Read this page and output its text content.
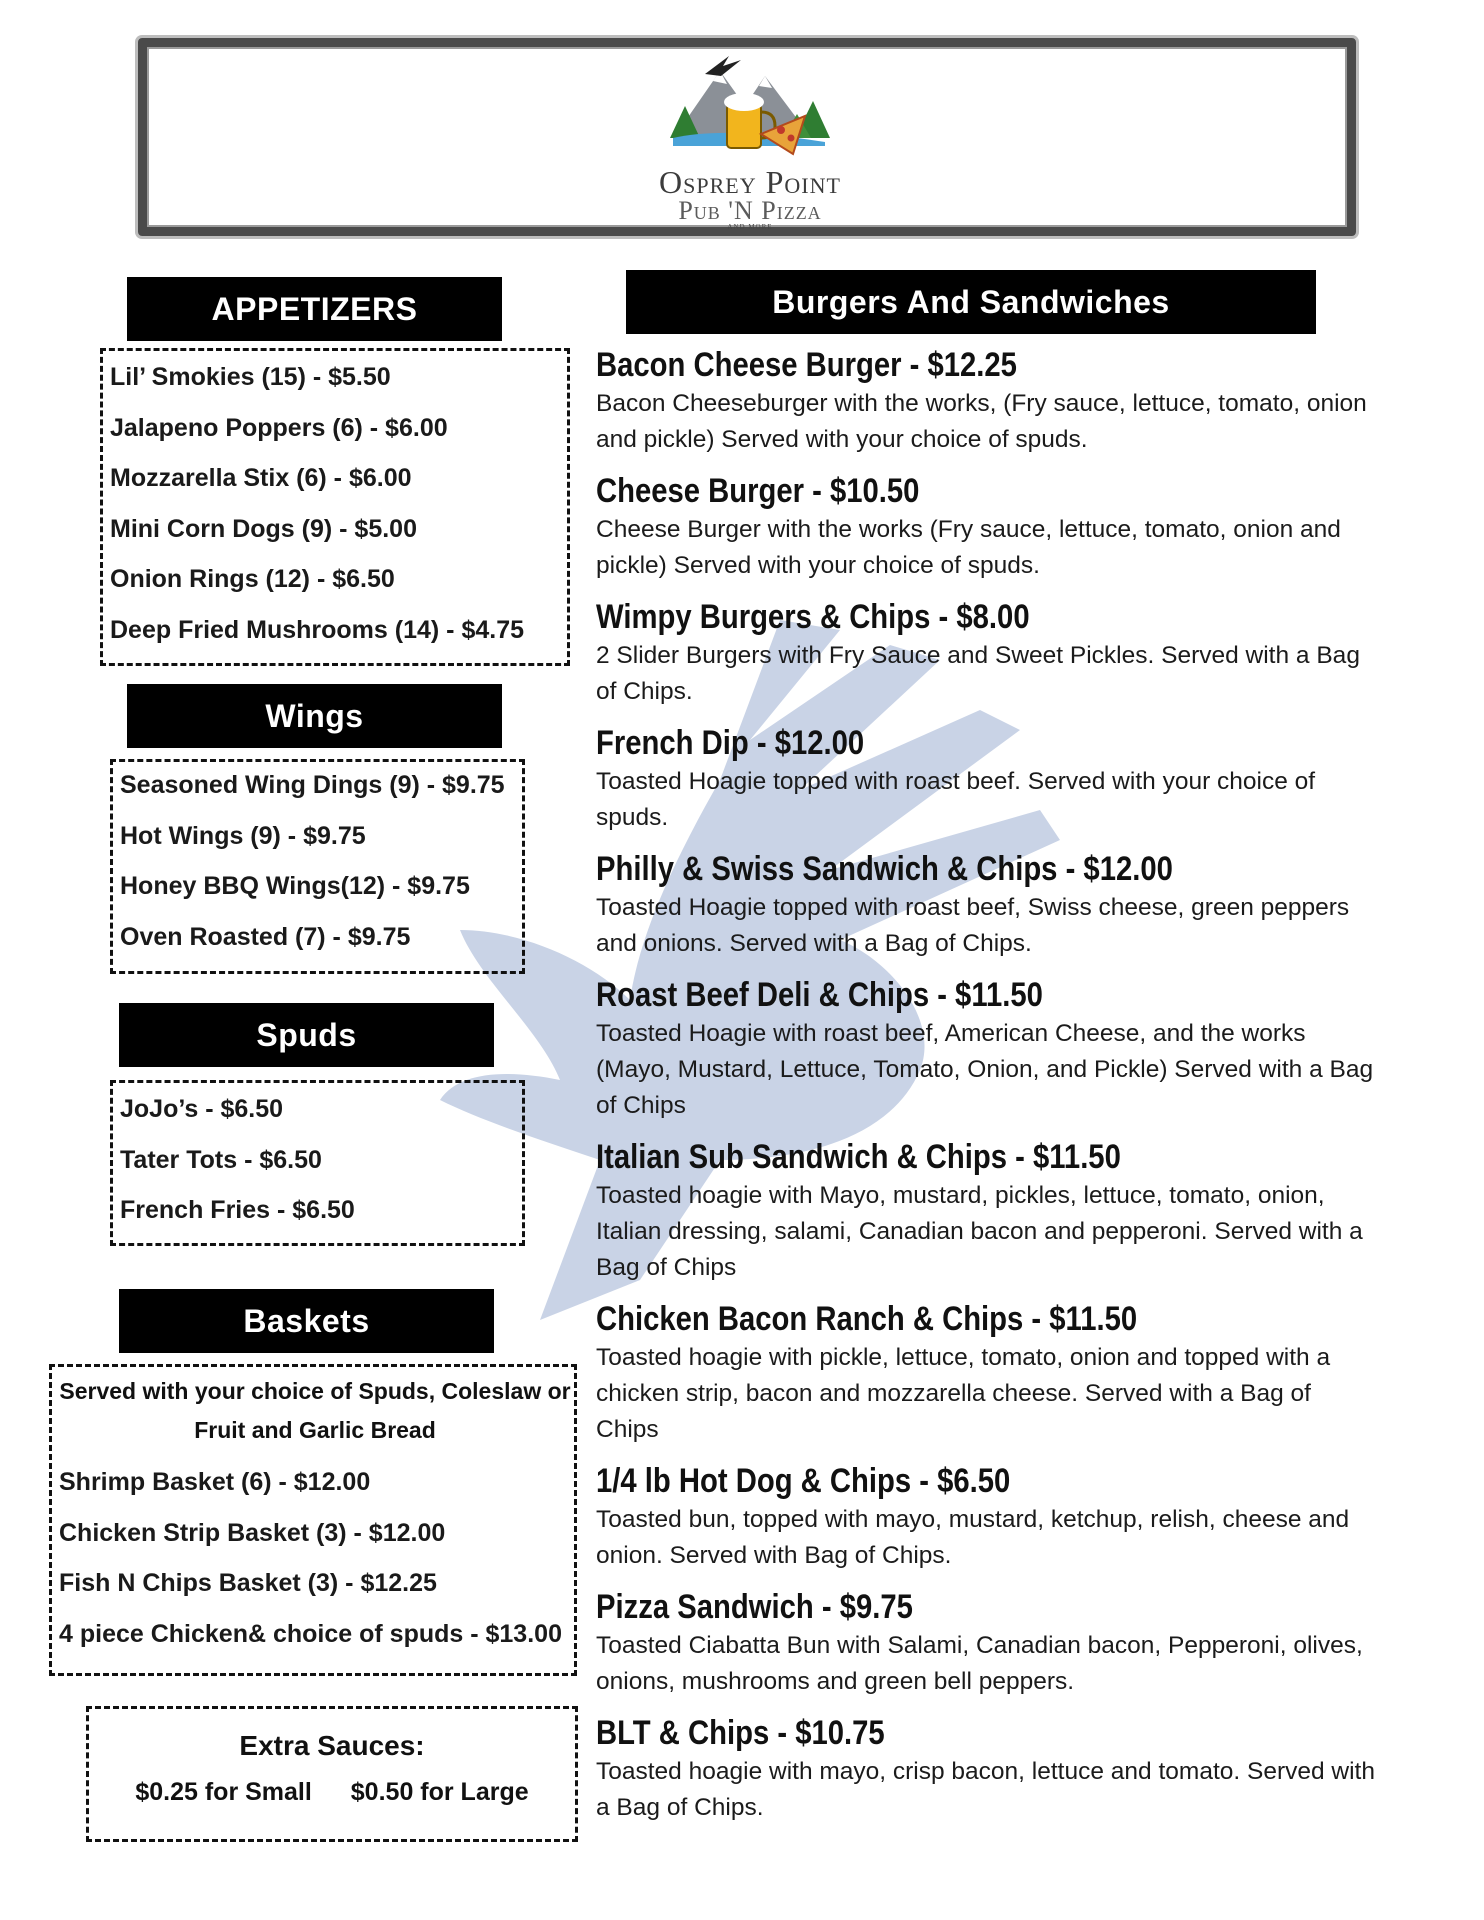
Osprey Point
Pub 'N Pizza
AND MORE
APPETIZERS
Lil’ Smokies (15) - $5.50
Jalapeno Poppers (6) - $6.00
Mozzarella Stix (6) - $6.00
Mini Corn Dogs (9) - $5.00
Onion Rings (12) - $6.50
Deep Fried Mushrooms (14) - $4.75
Wings
Seasoned Wing Dings (9) - $9.75
Hot Wings (9) - $9.75
Honey BBQ Wings(12) - $9.75
Oven Roasted (7) - $9.75
Spuds
JoJo’s - $6.50
Tater Tots - $6.50
French Fries - $6.50
Baskets
Served with your choice of Spuds, Coleslaw or Fruit and Garlic Bread
Shrimp Basket (6) - $12.00
Chicken Strip Basket (3) - $12.00
Fish N Chips Basket (3) - $12.25
4 piece Chicken& choice of spuds - $13.00
Extra Sauces:
$0.25 for Small $0.50 for Large
Burgers And Sandwiches
Bacon Cheese Burger - $12.25
Bacon Cheeseburger with the works, (Fry sauce, lettuce, tomato, onion and pickle) Served with your choice of spuds.
Cheese Burger - $10.50
Cheese Burger with the works (Fry sauce, lettuce, tomato, onion and pickle) Served with your choice of spuds.
Wimpy Burgers & Chips - $8.00
2 Slider Burgers with Fry Sauce and Sweet Pickles. Served with a Bag of Chips.
French Dip - $12.00
Toasted Hoagie topped with roast beef. Served with your choice of spuds.
Philly & Swiss Sandwich & Chips - $12.00
Toasted Hoagie topped with roast beef, Swiss cheese, green peppers and onions. Served with a Bag of Chips.
Roast Beef Deli & Chips - $11.50
Toasted Hoagie with roast beef, American Cheese, and the works (Mayo, Mustard, Lettuce, Tomato, Onion, and Pickle) Served with a Bag of Chips
Italian Sub Sandwich & Chips - $11.50
Toasted hoagie with Mayo, mustard, pickles, lettuce, tomato, onion, Italian dressing, salami, Canadian bacon and pepperoni. Served with a Bag of Chips
Chicken Bacon Ranch & Chips - $11.50
Toasted hoagie with pickle, lettuce, tomato, onion and topped with a chicken strip, bacon and mozzarella cheese. Served with a Bag of Chips
1/4 lb Hot Dog & Chips - $6.50
Toasted bun, topped with mayo, mustard, ketchup, relish, cheese and onion. Served with Bag of Chips.
Pizza Sandwich - $9.75
Toasted Ciabatta Bun with Salami, Canadian bacon, Pepperoni, olives, onions, mushrooms and green bell peppers.
BLT & Chips - $10.75
Toasted hoagie with mayo, crisp bacon, lettuce and tomato. Served with a Bag of Chips.
